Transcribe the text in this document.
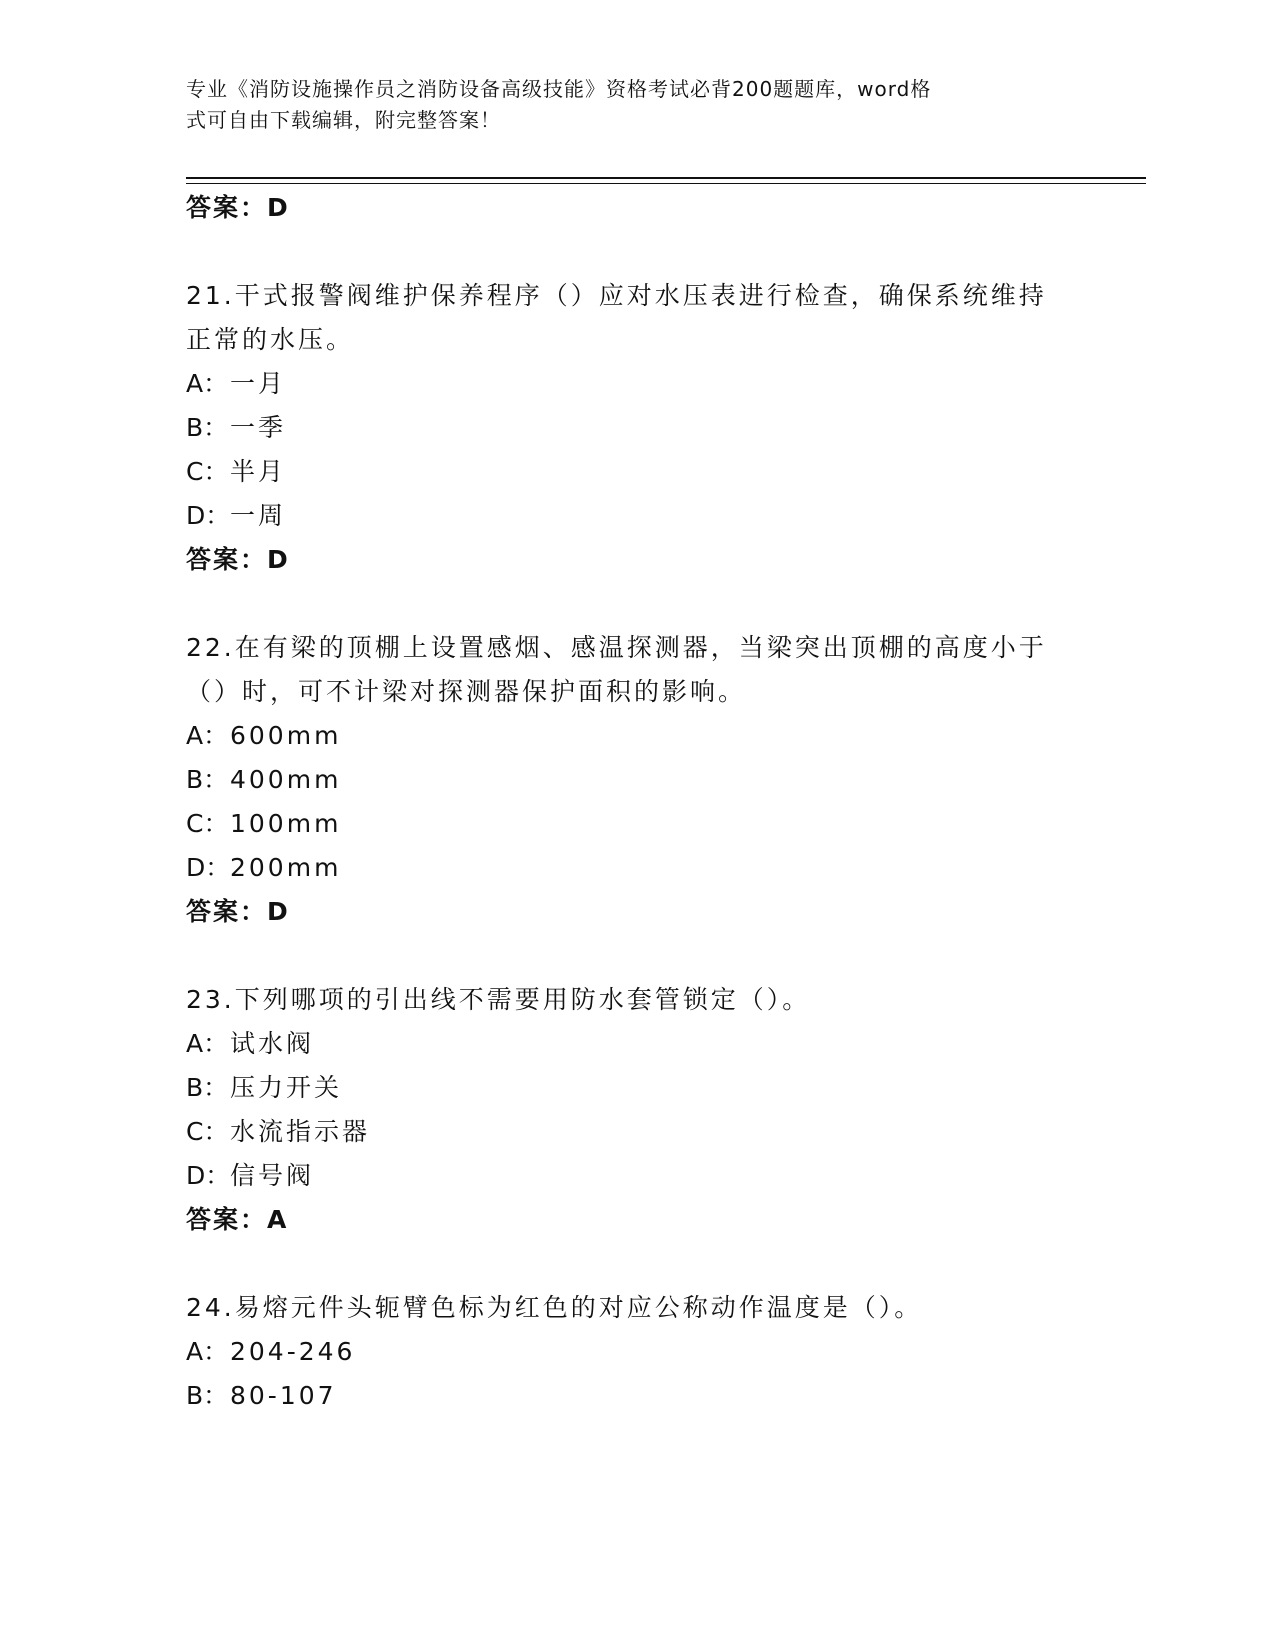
专业《消防设施操作员之消防设备高级技能》资格考试必背200题题库，word格
式可自由下载编辑，附完整答案！
答案：D
21.干式报警阀维护保养程序（）应对水压表进行检查，确保系统维持
正常的水压。
A：一月
B：一季
C：半月
D：一周
答案：D
22.在有梁的顶棚上设置感烟、感温探测器，当梁突出顶棚的高度小于
（）时，可不计梁对探测器保护面积的影响。
A：600mm
B：400mm
C：100mm
D：200mm
答案：D
23.下列哪项的引出线不需要用防水套管锁定（）。
A：试水阀
B：压力开关
C：水流指示器
D：信号阀
答案：A
24.易熔元件头轭臂色标为红色的对应公称动作温度是（）。
A：204-246
B：80-107
